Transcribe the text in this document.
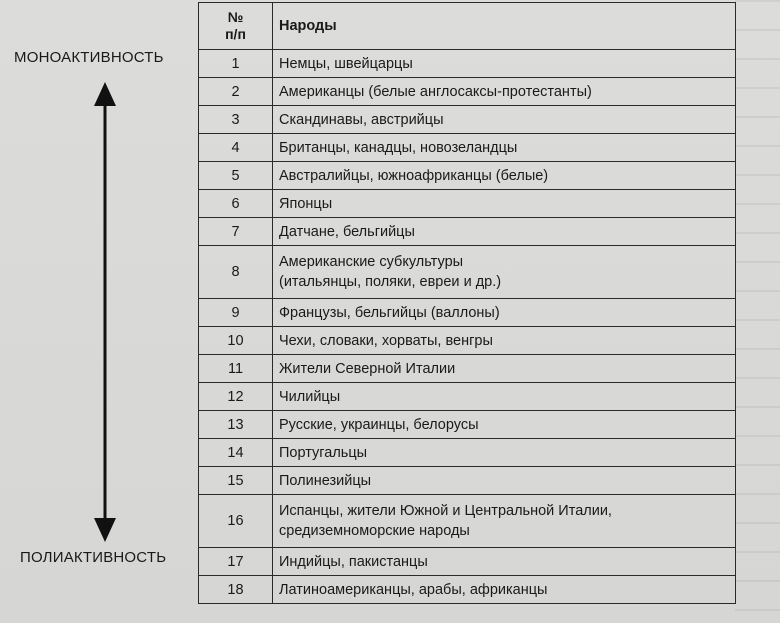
МОНОАКТИВНОСТЬ
ПОЛИАКТИВНОСТЬ
№
п/п	Народы
1	Немцы, швейцарцы
2	Американцы (белые англосаксы-протестанты)
3	Скандинавы, австрийцы
4	Британцы, канадцы, новозеландцы
5	Австралийцы, южноафриканцы (белые)
6	Японцы
7	Датчане, бельгийцы
8	Американские субкультуры
(итальянцы, поляки, евреи и др.)

9	Французы, бельгийцы (валлоны)
10	Чехи, словаки, хорваты, венгры
11	Жители Северной Италии
12	Чилийцы
13	Русские, украинцы, белорусы
14	Португальцы
15	Полинезийцы
16	Испанцы, жители Южной и Центральной Италии,
средиземноморские народы

17	Индийцы, пакистанцы
18	Латиноамериканцы, арабы, африканцы
